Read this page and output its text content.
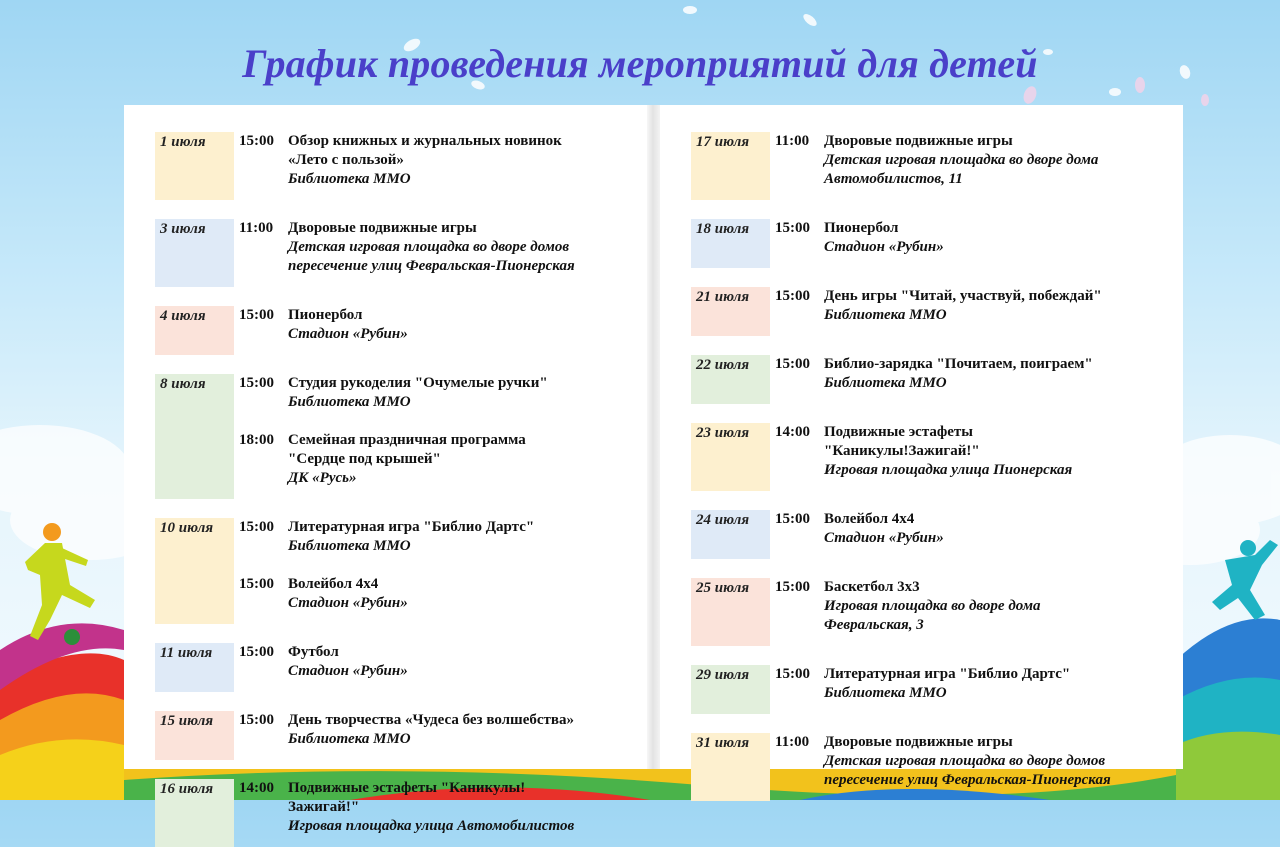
График проведения мероприятий для детей
1 июля	15:00 Обзор книжных и журнальных новинок
«Лето с пользой»
Библиотека ММО
3 июля	11:00 Дворовые подвижные игры
Детская игровая площадка во дворе домов
пересечение улиц Февральская-Пионерская
4 июля	15:00 Пионербол
Стадион «Рубин»
8 июля	15:00 Студия рукоделия "Очумелые ручки"
Библиотека ММО
18:00 Семейная праздничная программа
"Сердце под крышей"
ДК «Русь»
10 июля	15:00 Литературная игра "Библио Дартс"
Библиотека ММО
15:00 Волейбол 4х4
Стадион «Рубин»
11 июля	15:00 Футбол
Стадион «Рубин»
15 июля	15:00 День творчества «Чудеса без волшебства»
Библиотека ММО
16 июля	14:00 Подвижные эстафеты "Каникулы!
Зажигай!"
Игровая площадка улица Автомобилистов
17 июля	11:00 Дворовые подвижные игры
Детская игровая площадка во дворе дома
Автомобилистов, 11
18 июля	15:00 Пионербол
Стадион «Рубин»
21 июля	15:00 День игры "Читай, участвуй, побеждай"
Библиотека ММО
22 июля	15:00 Библио-зарядка "Почитаем, поиграем"
Библиотека ММО
23 июля	14:00 Подвижные эстафеты
"Каникулы!Зажигай!"
Игровая площадка улица Пионерская
24 июля	15:00 Волейбол 4х4
Стадион «Рубин»
25 июля	15:00 Баскетбол 3х3
Игровая площадка во дворе дома
Февральская, 3
29 июля	15:00 Литературная игра "Библио Дартс"
Библиотека ММО
31 июля	11:00 Дворовые подвижные игры
Детская игровая площадка во дворе домов
пересечение улиц Февральская-Пионерская
